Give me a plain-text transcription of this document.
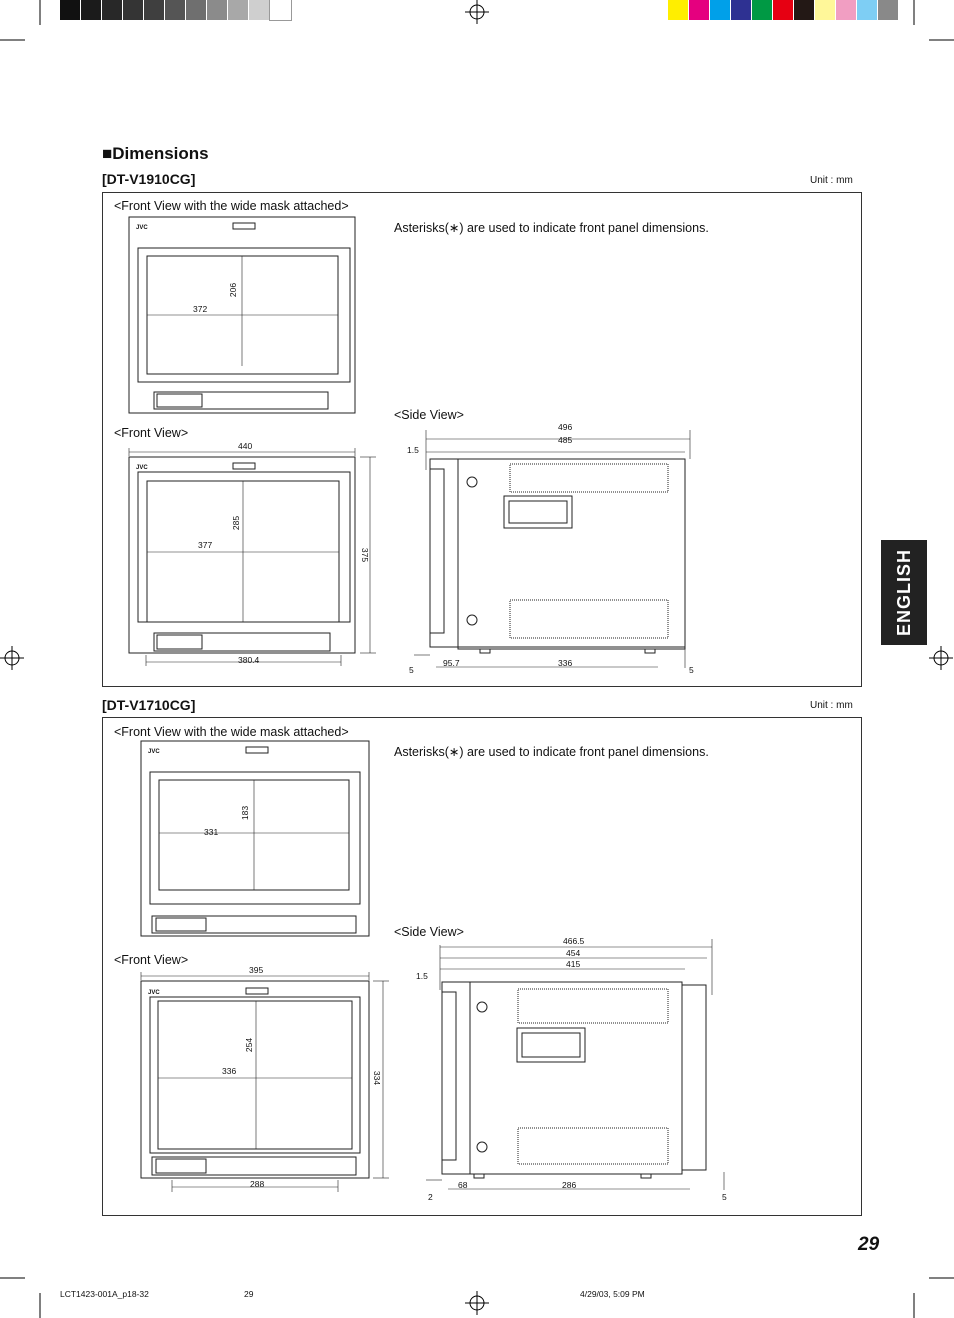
■Dimensions
[DT-V1910CG]	Unit : mm
<Front View with the wide mask attached>
Asterisks(∗) are used to indicate front panel dimensions.
<Front View>
<Side View>
[DT-V1710CG]	Unit : mm
<Front View with the wide mask attached>
Asterisks(∗) are used to indicate front panel dimensions.
<Front View>
<Side View>
JVC
JVC
JVC
JVC
372
206
440
375
377
285
380.4
496
485
1.5
95.7	336
5	5
331
183
395
334
336
254
288
466.5
454
415
1.5
68	286
2	5
ENGLISH
29
LCT1423-001A_p18-32	29	4/29/03, 5:09 PM
